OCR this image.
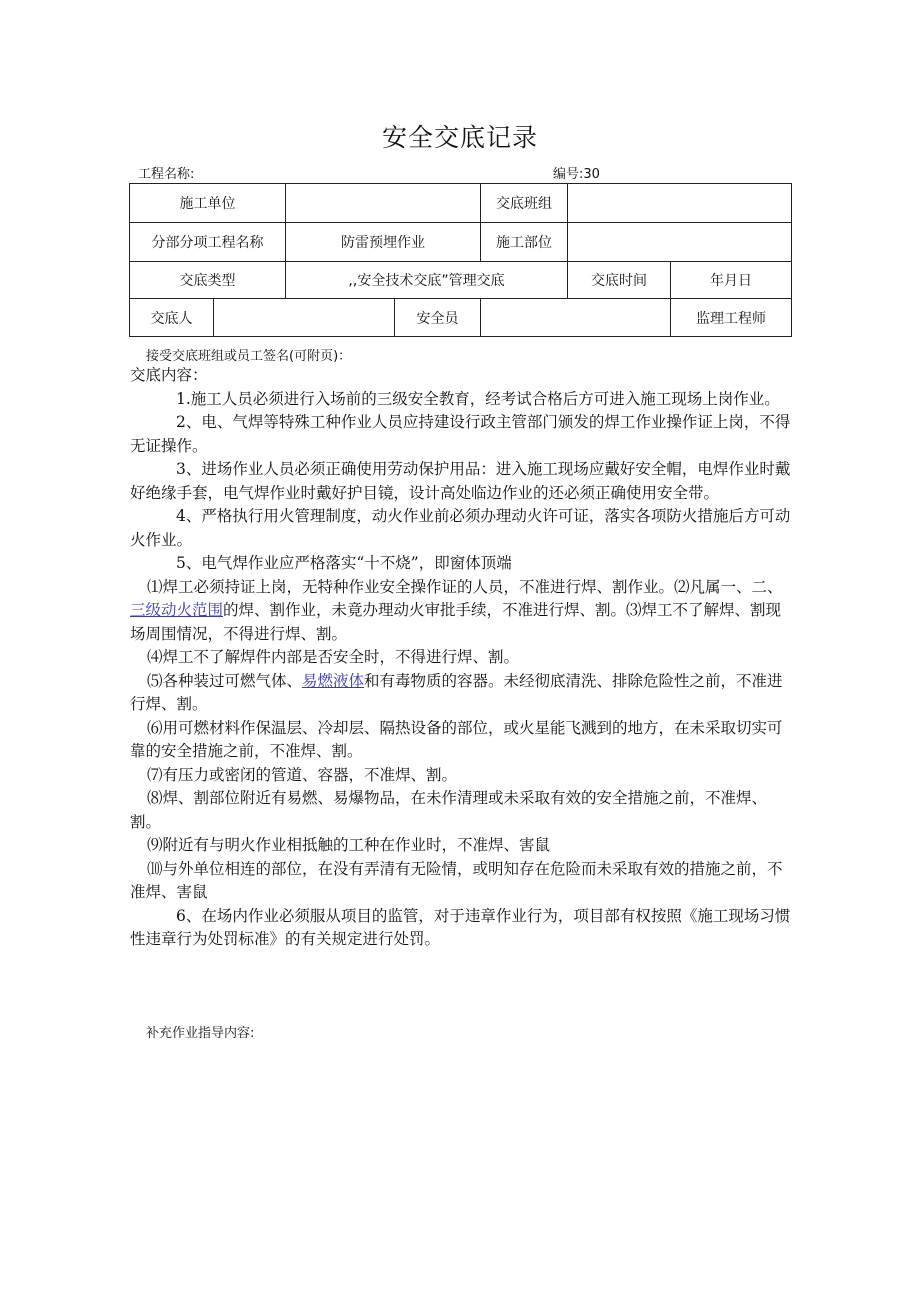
安全交底记录
工程名称:	编号:30
施工单位				交底班组		
分部分项工程名称		防雷预埋作业		施工部位		
交底类型		,,安全技术交底”管理交底			交底时间	年月日
交底人			安全员			监理工程师
接受交底班组或员工签名(可附页)：

交底内容：

1.施工人员必须进行入场前的三级安全教育，经考试合格后方可进入施工现场上岗作业。

2、电、气焊等特殊工种作业人员应持建设行政主管部门颁发的焊工作业操作证上岗，不得无证操作。

3、进场作业人员必须正确使用劳动保护用品：进入施工现场应戴好安全帽，电焊作业时戴好绝缘手套，电气焊作业时戴好护目镜，设计高处临边作业的还必须正确使用安全带。

4、严格执行用火管理制度，动火作业前必须办理动火许可证，落实各项防火措施后方可动火作业。

5、电气焊作业应严格落实“十不烧”，即窗体顶端

⑴焊工必须持证上岗，无特种作业安全操作证的人员，不准进行焊、割作业。⑵凡属一、二、三级动火范围的焊、割作业，未竟办理动火审批手续，不准进行焊、割。⑶焊工不了解焊、割现场周围情况，不得进行焊、割。

⑷焊工不了解焊件内部是否安全时，不得进行焊、割。

⑸各种装过可燃气体、易燃液体和有毒物质的容器。未经彻底清洗、排除危险性之前，不准进行焊、割。

⑹用可燃材料作保温层、冷却层、隔热设备的部位，或火星能飞溅到的地方，在未采取切实可靠的安全措施之前，不准焊、割。

⑺有压力或密闭的管道、容器，不准焊、割。

⑻焊、割部位附近有易燃、易爆物品，在未作清理或未采取有效的安全措施之前，不准焊、割。

⑼附近有与明火作业相抵触的工种在作业时，不准焊、害鼠

⑽与外单位相连的部位，在没有弄清有无险情，或明知存在危险而未采取有效的措施之前，不准焊、害鼠

6、在场内作业必须服从项目的监管，对于违章作业行为，项目部有权按照《施工现场习惯性违章行为处罚标准》的有关规定进行处罚。

补充作业指导内容:
